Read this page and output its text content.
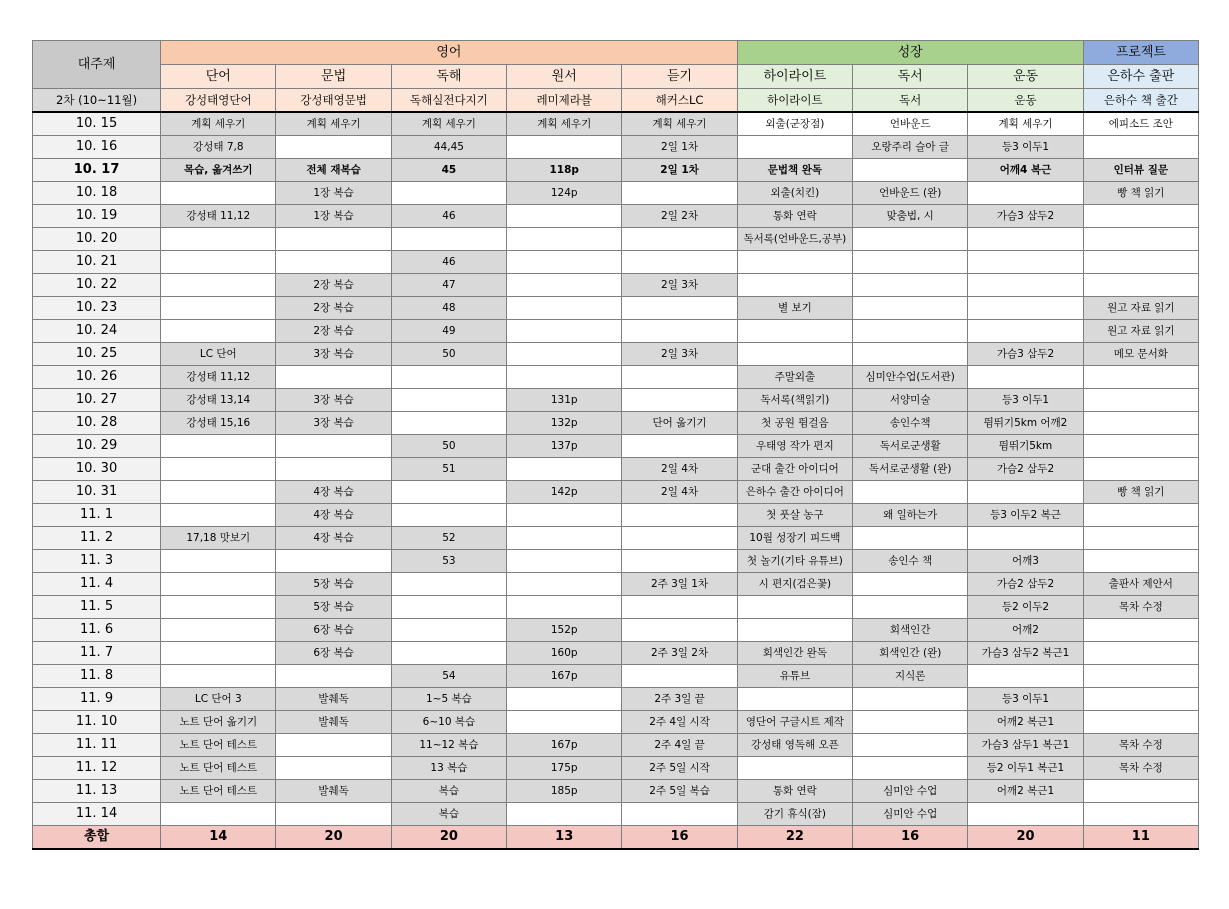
대주제	영어					성장			프로젝트
	단어	문법	독해	원서	듣기	하이라이트	독서	운동	은하수 출판
2차 (10~11월)	강성태영단어	강성태영문법	독해실전다지기	레미제라블	해커스LC	하이라이트	독서	운동	은하수 책 출간
10. 15	계획 세우기	계획 세우기	계획 세우기	계획 세우기	계획 세우기	외출(군장점)	언바운드	계획 세우기	에피소드 조안
10. 16	강성태 7,8		44,45		2일 1차		오랑주리 슬아 글	등3 이두1	
10. 17	목습, 옮겨쓰기	전체 재복습	45	118p	2일 1차	문법책 완독		어깨4 복근	인터뷰 질문
10. 18		1장 복습		124p		외출(치킨)	언바운드 (완)		빵 책 읽기
10. 19	강성태 11,12	1장 복습	46		2일 2차	통화 연락	맞춤법, 시	가슴3 삼두2	
10. 20						독서록(언바운드,공부)			
10. 21			46						
10. 22		2장 복습	47		2일 3차				
10. 23		2장 복습	48			별 보기			원고 자료 읽기
10. 24		2장 복습	49						원고 자료 읽기
10. 25	LC 단어	3장 복습	50		2일 3차			가슴3 삼두2	메모 문서화
10. 26	강성태 11,12					주말외출	심미안수업(도서관)		
10. 27	강성태 13,14	3장 복습		131p		독서록(책읽기)	서양미술	등3 이두1	
10. 28	강성태 15,16	3장 복습		132p	단어 옮기기	첫 공원 뜀걸음	송인수책	뜀뛰기5km 어깨2	
10. 29			50	137p		우태영 작가 편지	독서로군생활	뜀뛰기5km	
10. 30			51		2일 4차	군대 출간 아이디어	독서로군생활 (완)	가슴2 삼두2	
10. 31		4장 복습		142p	2일 4차	은하수 출간 아이디어			빵 책 읽기
11. 1		4장 복습				첫 풋살 농구	왜 일하는가	등3 이두2 복근	
11. 2	17,18 맛보기	4장 복습	52			10월 성장기 피드백			
11. 3			53			첫 놀기(기타 유튜브)	송인수 책	어깨3	
11. 4		5장 복습			2주 3일 1차	시 편지(검은꽃)		가슴2 삼두2	출판사 제안서
11. 5		5장 복습						등2 이두2	목차 수정
11. 6		6장 복습		152p			회색인간	어깨2	
11. 7		6장 복습		160p	2주 3일 2차	회색인간 완독	회색인간 (완)	가슴3 삼두2 복근1	
11. 8			54	167p		유튜브	지식론		
11. 9	LC 단어 3	발췌독	1~5 복습		2주 3일 끝			등3 이두1	
11. 10	노트 단어 옮기기	발췌독	6~10 복습		2주 4일 시작	영단어 구글시트 제작		어깨2 복근1	
11. 11	노트 단어 테스트		11~12 복습	167p	2주 4일 끝	강성태 영독해 오픈		가슴3 삼두1 복근1	목차 수정
11. 12	노트 단어 테스트		13 복습	175p	2주 5일 시작			등2 이두1 복근1	목차 수정
11. 13	노트 단어 테스트	발췌독	복습	185p	2주 5일 복습	통화 연락	심미안 수업	어깨2 복근1	
11. 14			복습			감기 휴식(잠)	심미안 수업		
총합	14	20	20	13	16	22	16	20	11
